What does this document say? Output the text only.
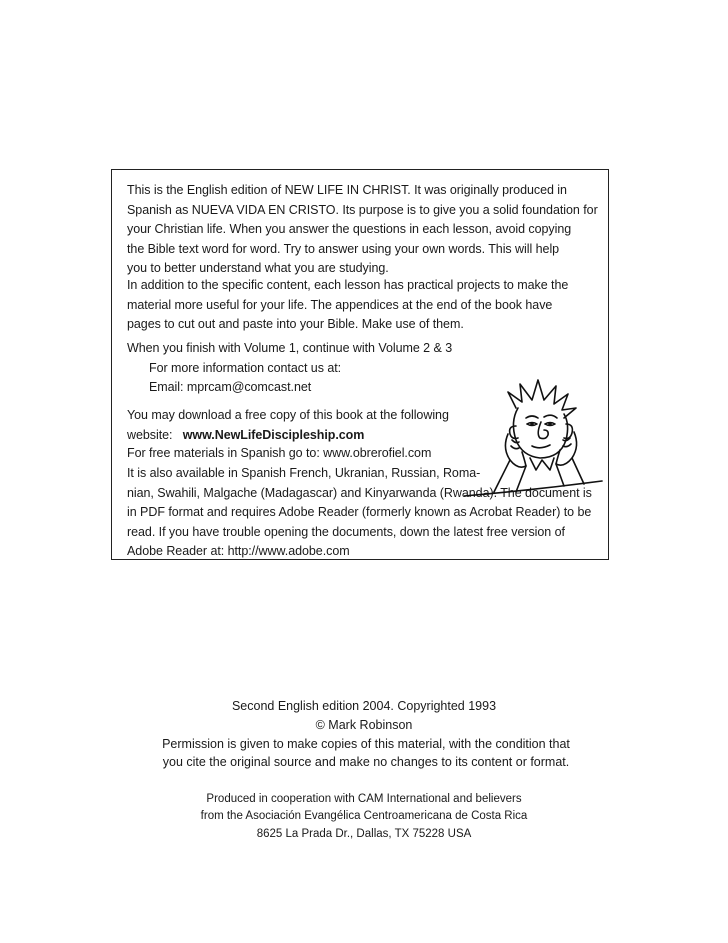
This is the English edition of NEW LIFE IN CHRIST. It was originally produced in
Spanish as NUEVA VIDA EN CRISTO. Its purpose is to give you a solid foundation for
your Christian life. When you answer the questions in each lesson, avoid copying
the Bible text word for word. Try to answer using your own words. This will help
you to better understand what you are studying.

In addition to the specific content, each lesson has practical projects to make the
material more useful for your life. The appendices at the end of the book have
pages to cut out and paste into your Bible. Make use of them.

When you finish with Volume 1, continue with Volume 2 & 3
For more information contact us at:
Email: mprcam@comcast.net

You may download a free copy of this book at the following
website: www.NewLifeDiscipleship.com

For free materials in Spanish go to: www.obrerofiel.com

It is also available in Spanish French, Ukranian, Russian, Roma-
nian, Swahili, Malgache (Madagascar) and Kinyarwanda (Rwanda). The document is
in PDF format and requires Adobe Reader (formerly known as Acrobat Reader) to be
read. If you have trouble opening the documents, down the latest free version of
Adobe Reader at: http://www.adobe.com

Second English edition 2004. Copyrighted 1993
© Mark Robinson
Permission is given to make copies of this material, with the condition that
you cite the original source and make no changes to its content or format.
Produced in cooperation with CAM International and believers
from the Asociación Evangélica Centroamericana de Costa Rica
8625 La Prada Dr., Dallas, TX 75228 USA
